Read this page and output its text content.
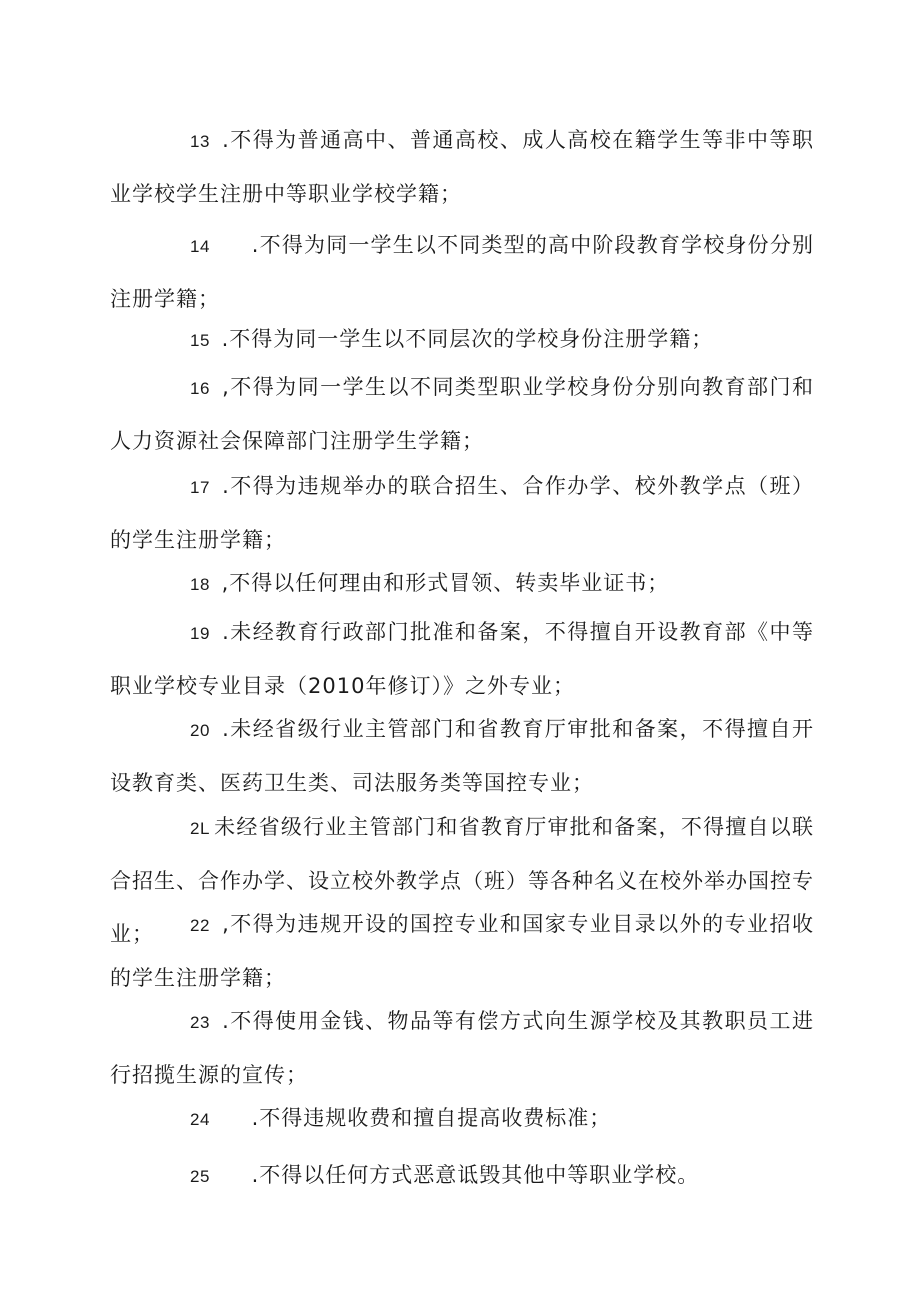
13 .不得为普通高中、普通高校、成人高校在籍学生等非中等职业学校学生注册中等职业学校学籍；

14 .不得为同一学生以不同类型的高中阶段教育学校身份分别注册学籍；

15 .不得为同一学生以不同层次的学校身份注册学籍；

16 ,不得为同一学生以不同类型职业学校身份分别向教育部门和人力资源社会保障部门注册学生学籍；

17 .不得为违规举办的联合招生、合作办学、校外教学点（班）的学生注册学籍；

18 ,不得以任何理由和形式冒领、转卖毕业证书；

19 .未经教育行政部门批准和备案，不得擅自开设教育部《中等职业学校专业目录（2010年修订）》之外专业；

20 .未经省级行业主管部门和省教育厅审批和备案，不得擅自开设教育类、医药卫生类、司法服务类等国控专业；

2L 未经省级行业主管部门和省教育厅审批和备案，不得擅自以联合招生、合作办学、设立校外教学点（班）等各种名义在校外举办国控专业；	22 ,不得为违规开设的国控专业和国家专业目录以外的专业招收的学生注册学籍；

23 .不得使用金钱、物品等有偿方式向生源学校及其教职员工进行招揽生源的宣传；

24 .不得违规收费和擅自提高收费标准；

25 .不得以任何方式恶意诋毁其他中等职业学校。
